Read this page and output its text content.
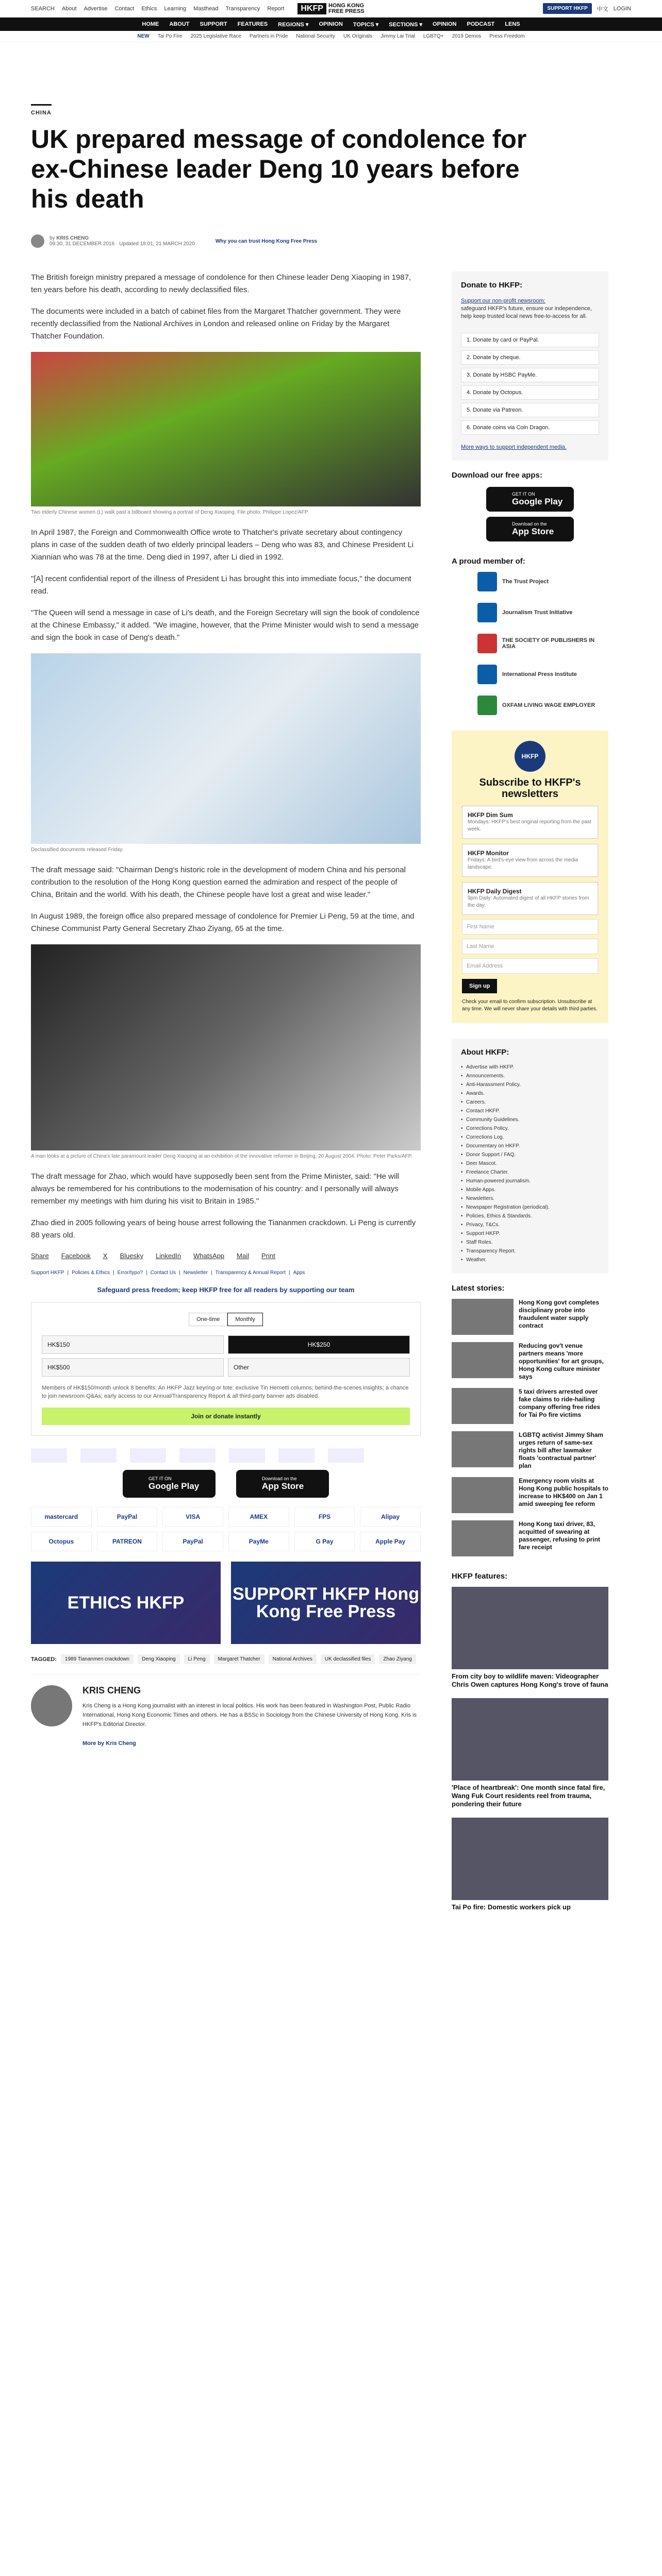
SEARCH About Advertise Contact Ethics Learning Masthead Transparency Report	HKFP HONG KONG
FREE PRESS	SUPPORT HKFP	中文 LOGIN
HOME ABOUT SUPPORT FEATURES REGIONS ▾ OPINION TOPICS ▾ SECTIONS ▾ OPINION PODCAST LENS
NEW Tai Po Fire 2025 Legislative Race Partners in Pride National Security UK Originals Jimmy Lai Trial LGBTQ+ 2019 Demos Press Freedom
CHINA
UK prepared message of condolence for ex-Chinese leader Deng 10 years before his death
by KRIS CHENG
09:30, 31 DECEMBER 2016 · Updated 18:01, 21 MARCH 2020	Why you can trust Hong Kong Free Press

The British foreign ministry prepared a message of condolence for then Chinese leader Deng Xiaoping in 1987, ten years before his death, according to newly declassified files.

The documents were included in a batch of cabinet files from the Margaret Thatcher government. They were recently declassified from the National Archives in London and released online on Friday by the Margaret Thatcher Foundation.

Two elderly Chinese women (L) walk past a billboard showing a portrait of Deng Xiaoping. File photo: Philippe Lopez/AFP.

In April 1987, the Foreign and Commonwealth Office wrote to Thatcher's private secretary about contingency plans in case of the sudden death of two elderly principal leaders – Deng who was 83, and Chinese President Li Xiannian who was 78 at the time. Deng died in 1997, after Li died in 1992.

"[A] recent confidential report of the illness of President Li has brought this into immediate focus," the document read.

"The Queen will send a message in case of Li's death, and the Foreign Secretary will sign the book of condolence at the Chinese Embassy," it added. "We imagine, however, that the Prime Minister would wish to send a message and sign the book in case of Deng's death."

Declassified documents released Friday.

The draft message said: "Chairman Deng's historic role in the development of modern China and his personal contribution to the resolution of the Hong Kong question earned the admiration and respect of the people of China, Britain and the world. With his death, the Chinese people have lost a great and wise leader."

In August 1989, the foreign office also prepared message of condolence for Premier Li Peng, 59 at the time, and Chinese Communist Party General Secretary Zhao Ziyang, 65 at the time.

A man looks at a picture of China's late paramount leader Deng Xiaoping at an exhibition of the innovative reformer in Beijing, 20 August 2004. Photo: Peter Parks/AFP.

The draft message for Zhao, which would have supposedly been sent from the Prime Minister, said: "He will always be remembered for his contributions to the modernisation of his country: and I personally will always remember my meetings with him during his visit to Britain in 1985."

Zhao died in 2005 following years of being house arrest following the Tiananmen crackdown. Li Peng is currently 88 years old.

Share Facebook X Bluesky LinkedIn WhatsApp Mail Print
Support HKFP | Policies & Ethics | Error/typo? | Contact Us | Newsletter | Transparency & Annual Report | Apps
Safeguard press freedom; keep HKFP free for all readers by supporting our team
One-time	Monthly
HK$150	HK$250
HK$500	Other
Members of HK$150/month unlock 8 benefits: An HKFP Jazz keyring or tote; exclusive Tin Hemetti columns; behind-the-scenes insights; a chance to join newsroom Q&As; early access to our Annual/Transparency Report & all third-party banner ads disabled.
Join or donate instantly
GET IT ON
Google Play
Download on the
App Store
mastercard	PayPal	VISA	AMEX	FPS	Alipay
Octopus	PATREON	PayPal	PayMe	G Pay	Apple Pay
ETHICS HKFP	SUPPORT HKFP Hong Kong Free Press
TAGGED:	1989 Tiananmen crackdown	Deng Xiaoping	Li Peng	Margaret Thatcher	National Archives	UK declassified files	Zhao Ziyang
KRIS CHENG

Kris Cheng is a Hong Kong journalist with an interest in local politics. His work has been featured in Washington Post, Public Radio International, Hong Kong Economic Times and others. He has a BSSc in Sociology from the Chinese University of Hong Kong. Kris is HKFP's Editorial Director.

More by Kris Cheng
Donate to HKFP:
Support our non-profit newsroom:

safeguard HKFP's future, ensure our independence, help keep trusted local news free-to-access for all.

1. Donate by card or PayPal.
2. Donate by cheque.
3. Donate by HSBC PayMe.
4. Donate by Octopus.
5. Donate via Patreon.
6. Donate coins via Coin Dragon.
More ways to support independent media.
Download our free apps:
GET IT ON
Google Play
Download on the
App Store
A proud member of:
The Trust Project
Journalism Trust Initiative
THE SOCIETY OF PUBLISHERS IN ASIA
International Press Institute
OXFAM LIVING WAGE EMPLOYER
HKFP
Subscribe to HKFP's newsletters
HKFP Dim Sum
Mondays: HKFP's best original reporting from the past week.
HKFP Monitor
Fridays: A bird's-eye view from across the media landscape.
HKFP Daily Digest
9pm Daily: Automated digest of all HKFP stories from the day.
First Name
Last Name
Email Address
Sign up

Check your email to confirm subscription. Unsubscribe at any time. We will never share your details with third parties.

About HKFP:
• Advertise with HKFP.
• Announcements.
• Anti-Harassment Policy.
• Awards.
• Careers.
• Contact HKFP.
• Community Guidelines.
• Corrections Policy.
• Corrections Log.
• Documentary on HKFP.
• Donor Support / FAQ.
• Deer Mascot.
• Freelance Charter.
• Human-powered journalism.
• Mobile Apps.
• Newsletters.
• Newspaper Registration (periodical).
• Policies, Ethics & Standards.
• Privacy, T&Cs.
• Support HKFP.
• Staff Roles.
• Transparency Report.
• Weather.
Latest stories:
Hong Kong govt completes disciplinary probe into fraudulent water supply contract
Reducing gov't venue partners means 'more opportunities' for art groups, Hong Kong culture minister says
5 taxi drivers arrested over fake claims to ride-hailing company offering free rides for Tai Po fire victims
LGBTQ activist Jimmy Sham urges return of same-sex rights bill after lawmaker floats 'contractual partner' plan
Emergency room visits at Hong Kong public hospitals to increase to HK$400 on Jan 1 amid sweeping fee reform
Hong Kong taxi driver, 83, acquitted of swearing at passenger, refusing to print fare receipt
HKFP features:
From city boy to wildlife maven: Videographer Chris Owen captures Hong Kong's trove of fauna
'Place of heartbreak': One month since fatal fire, Wang Fuk Court residents reel from trauma, pondering their future
Tai Po fire: Domestic workers pick up
